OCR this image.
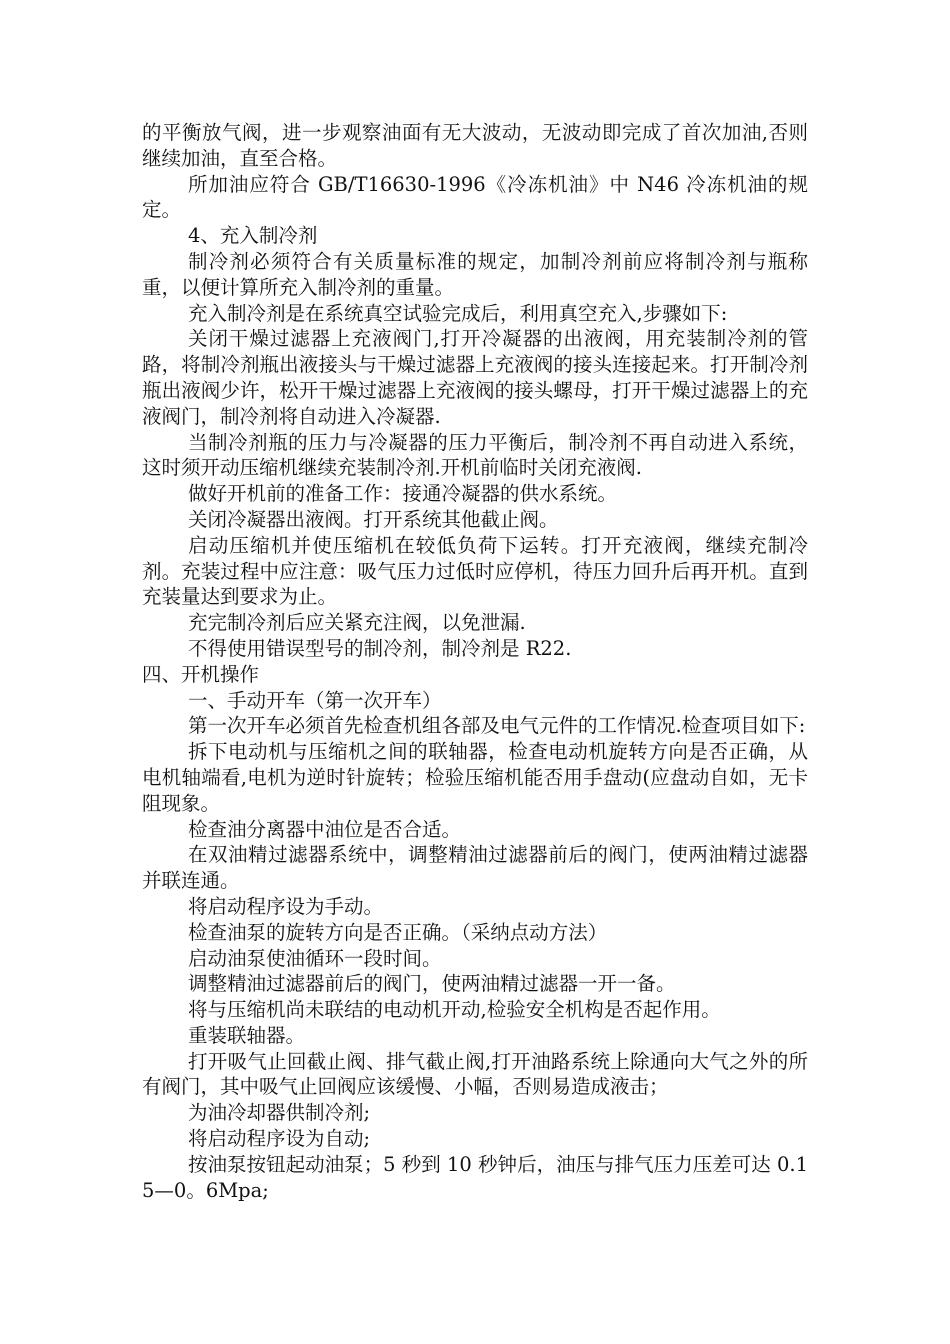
的平衡放气阀，进一步观察油面有无大波动，无波动即完成了首次加油,否则继续加油，直至合格。

所加油应符合 GB/T16630-1996《冷冻机油》中 N46 冷冻机油的规定。

4、充入制冷剂

制冷剂必须符合有关质量标准的规定，加制冷剂前应将制冷剂与瓶称重，以便计算所充入制冷剂的重量。

充入制冷剂是在系统真空试验完成后，利用真空充入,步骤如下:

关闭干燥过滤器上充液阀门,打开冷凝器的出液阀，用充装制冷剂的管路，将制冷剂瓶出液接头与干燥过滤器上充液阀的接头连接起来。打开制冷剂瓶出液阀少许，松开干燥过滤器上充液阀的接头螺母，打开干燥过滤器上的充液阀门，制冷剂将自动进入冷凝器.

当制冷剂瓶的压力与冷凝器的压力平衡后，制冷剂不再自动进入系统，这时须开动压缩机继续充装制冷剂.开机前临时关闭充液阀.

做好开机前的准备工作：接通冷凝器的供水系统。

关闭冷凝器出液阀。打开系统其他截止阀。

启动压缩机并使压缩机在较低负荷下运转。打开充液阀，继续充制冷剂。充装过程中应注意：吸气压力过低时应停机，待压力回升后再开机。直到充装量达到要求为止。

充完制冷剂后应关紧充注阀，以免泄漏.

不得使用错误型号的制冷剂，制冷剂是 R22.

四、开机操作

一、手动开车（第一次开车）

第一次开车必须首先检查机组各部及电气元件的工作情况.检查项目如下:

拆下电动机与压缩机之间的联轴器，检查电动机旋转方向是否正确，从电机轴端看,电机为逆时针旋转；检验压缩机能否用手盘动(应盘动自如，无卡阻现象。

检查油分离器中油位是否合适。

在双油精过滤器系统中，调整精油过滤器前后的阀门，使两油精过滤器并联连通。

将启动程序设为手动。

检查油泵的旋转方向是否正确。（采纳点动方法）

启动油泵使油循环一段时间。

调整精油过滤器前后的阀门，使两油精过滤器一开一备。

将与压缩机尚未联结的电动机开动,检验安全机构是否起作用。

重装联轴器。

打开吸气止回截止阀、排气截止阀,打开油路系统上除通向大气之外的所有阀门，其中吸气止回阀应该缓慢、小幅，否则易造成液击；

为油冷却器供制冷剂;

将启动程序设为自动;

按油泵按钮起动油泵；5 秒到 10 秒钟后，油压与排气压力压差可达 0.15—0。6Mpa;
